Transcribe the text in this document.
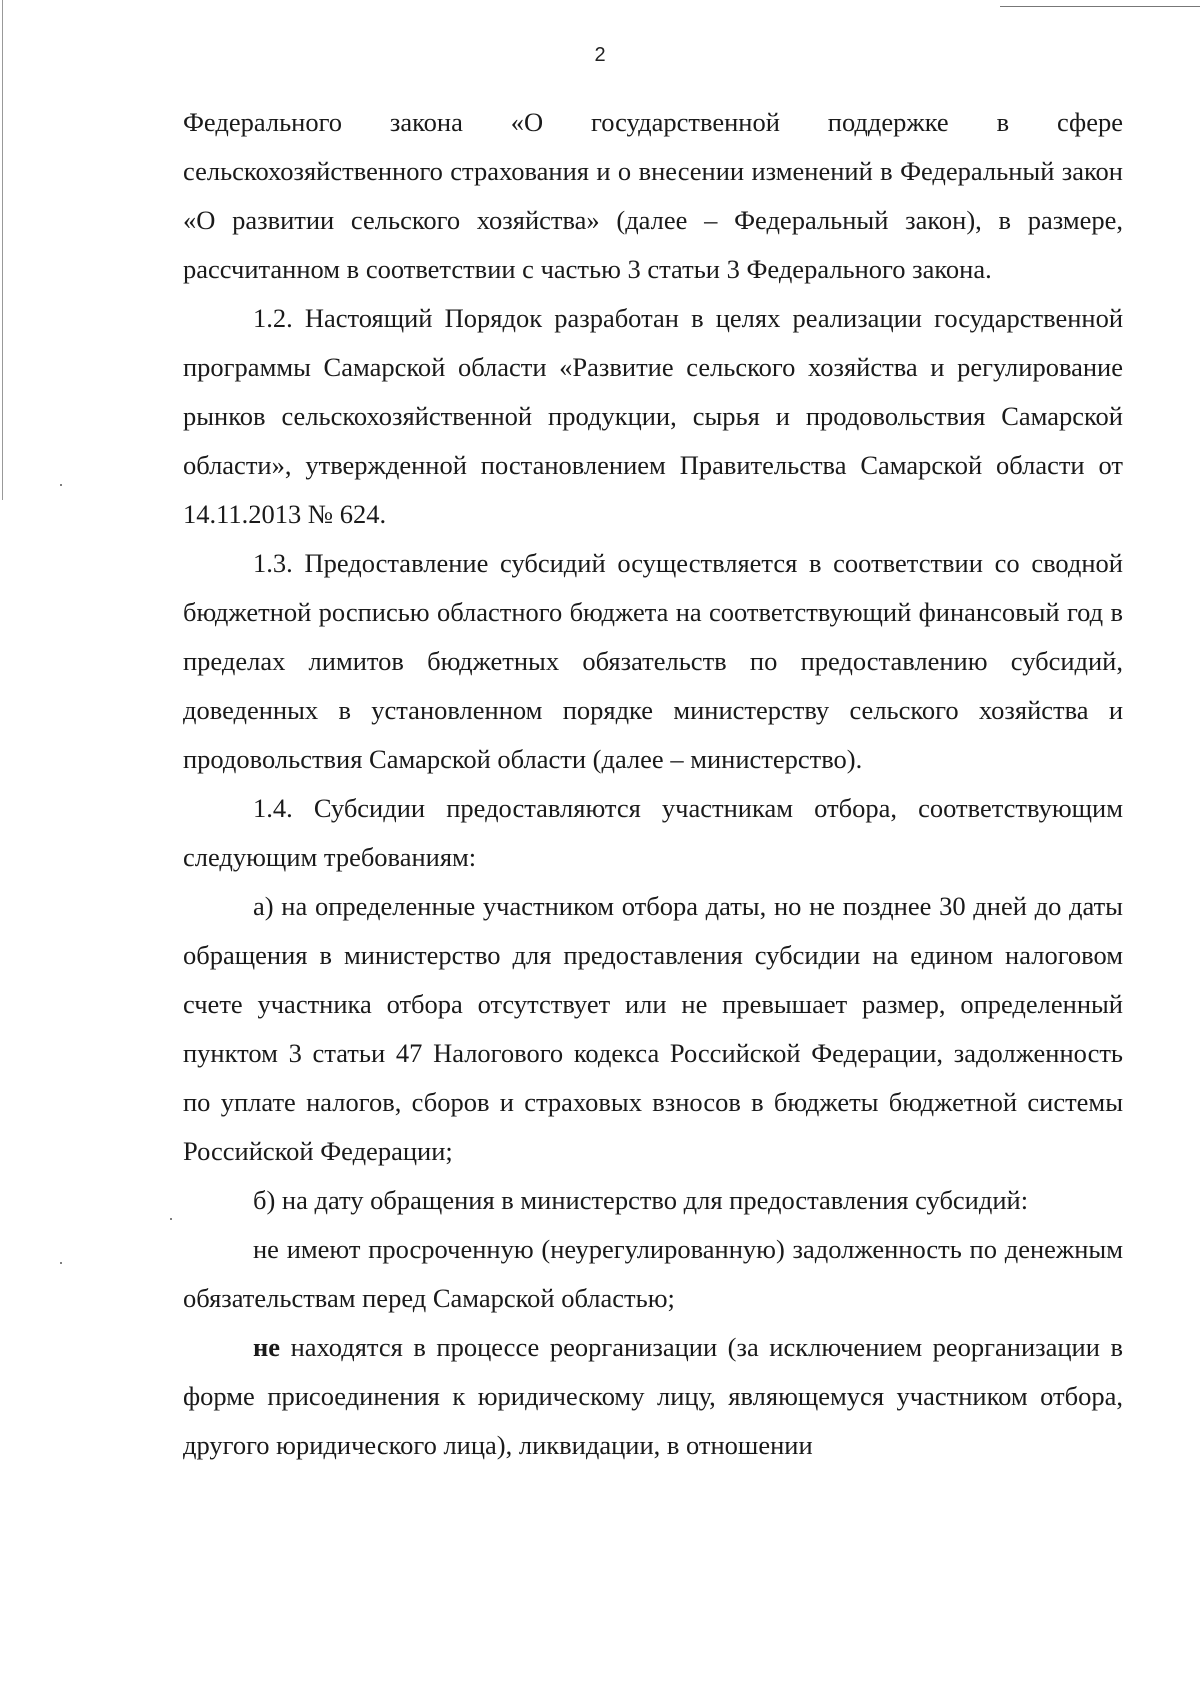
2

Федерального закона «О государственной поддержке в сфере сельскохозяйственного страхования и о внесении изменений в Федеральный закон «О развитии сельского хозяйства» (далее – Федеральный закон), в размере, рассчитанном в соответствии с частью 3 статьи 3 Федерального закона.

1.2. Настоящий Порядок разработан в целях реализации государственной программы Самарской области «Развитие сельского хозяйства и регулирование рынков сельскохозяйственной продукции, сырья и продовольствия Самарской области», утвержденной постановлением Правительства Самарской области от 14.11.2013 № 624.

1.3. Предоставление субсидий осуществляется в соответствии со сводной бюджетной росписью областного бюджета на соответствующий финансовый год в пределах лимитов бюджетных обязательств по предоставлению субсидий, доведенных в установленном порядке министерству сельского хозяйства и продовольствия Самарской области (далее – министерство).

1.4. Субсидии предоставляются участникам отбора, соответствующим следующим требованиям:

а) на определенные участником отбора даты, но не позднее 30 дней до даты обращения в министерство для предоставления субсидии на едином налоговом счете участника отбора отсутствует или не превышает размер, определенный пунктом 3 статьи 47 Налогового кодекса Российской Федерации, задолженность по уплате налогов, сборов и страховых взносов в бюджеты бюджетной системы Российской Федерации;

б) на дату обращения в министерство для предоставления субсидий:

не имеют просроченную (неурегулированную) задолженность по денежным обязательствам перед Самарской областью;

не находятся в процессе реорганизации (за исключением реорганизации в форме присоединения к юридическому лицу, являющемуся участником отбора, другого юридического лица), ликвидации, в отношении
